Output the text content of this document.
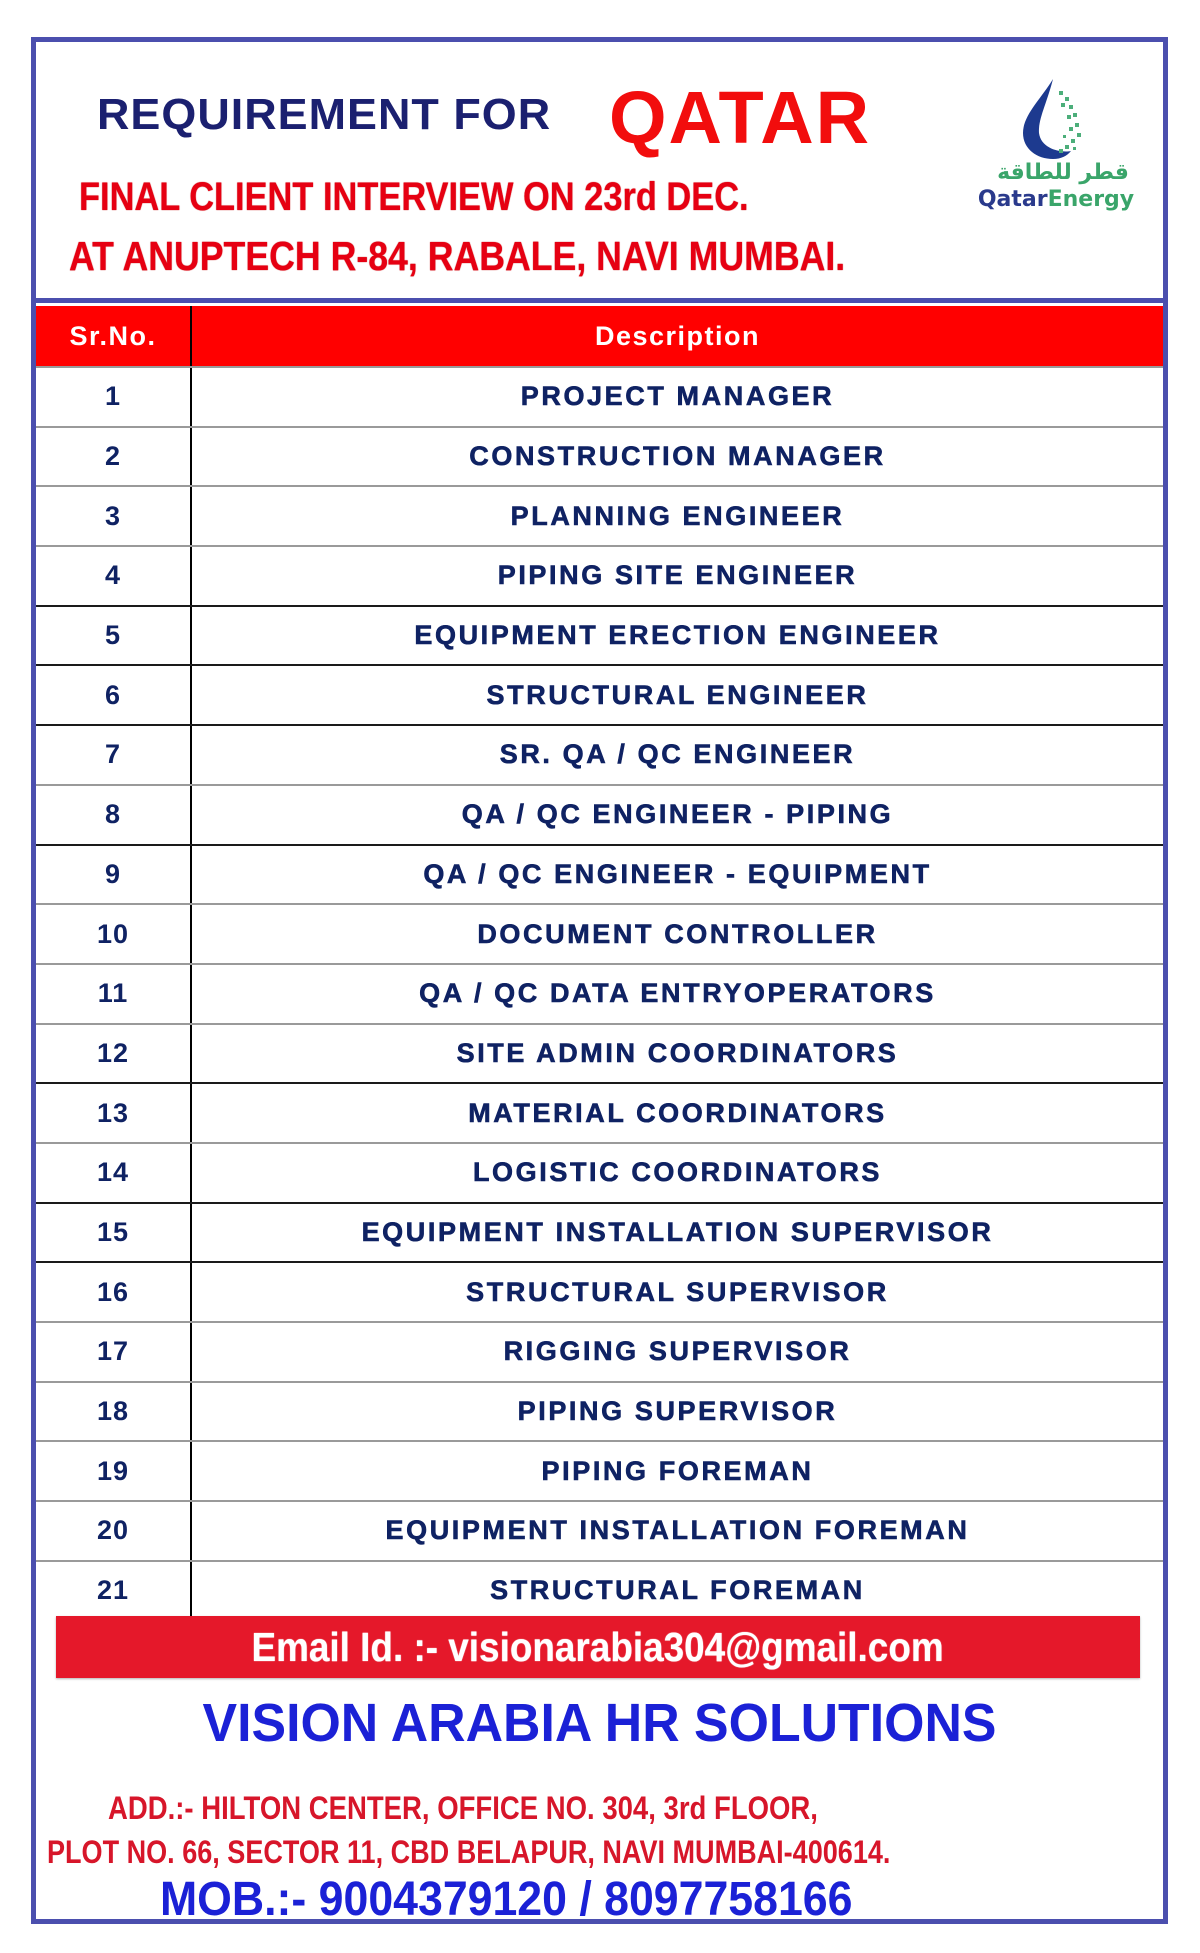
REQUIREMENT FOR QATAR
FINAL CLIENT INTERVIEW ON 23rd DEC.
AT ANUPTECH R-84, RABALE, NAVI MUMBAI.
قطر للطاقة
QatarEnergy
Sr.No.	Description
1	PROJECT MANAGER
2	CONSTRUCTION MANAGER
3	PLANNING ENGINEER
4	PIPING SITE ENGINEER
5	EQUIPMENT ERECTION ENGINEER
6	STRUCTURAL ENGINEER
7	SR. QA / QC ENGINEER
8	QA / QC ENGINEER - PIPING
9	QA / QC ENGINEER - EQUIPMENT
10	DOCUMENT CONTROLLER
11	QA / QC DATA ENTRYOPERATORS
12	SITE ADMIN COORDINATORS
13	MATERIAL COORDINATORS
14	LOGISTIC COORDINATORS
15	EQUIPMENT INSTALLATION SUPERVISOR
16	STRUCTURAL SUPERVISOR
17	RIGGING SUPERVISOR
18	PIPING SUPERVISOR
19	PIPING FOREMAN
20	EQUIPMENT INSTALLATION FOREMAN
21	STRUCTURAL FOREMAN
Email Id. :- visionarabia304@gmail.com
VISION ARABIA HR SOLUTIONS
ADD.:- HILTON CENTER, OFFICE NO. 304, 3rd FLOOR,
PLOT NO. 66, SECTOR 11, CBD BELAPUR, NAVI MUMBAI-400614.
MOB.:- 9004379120 / 8097758166
